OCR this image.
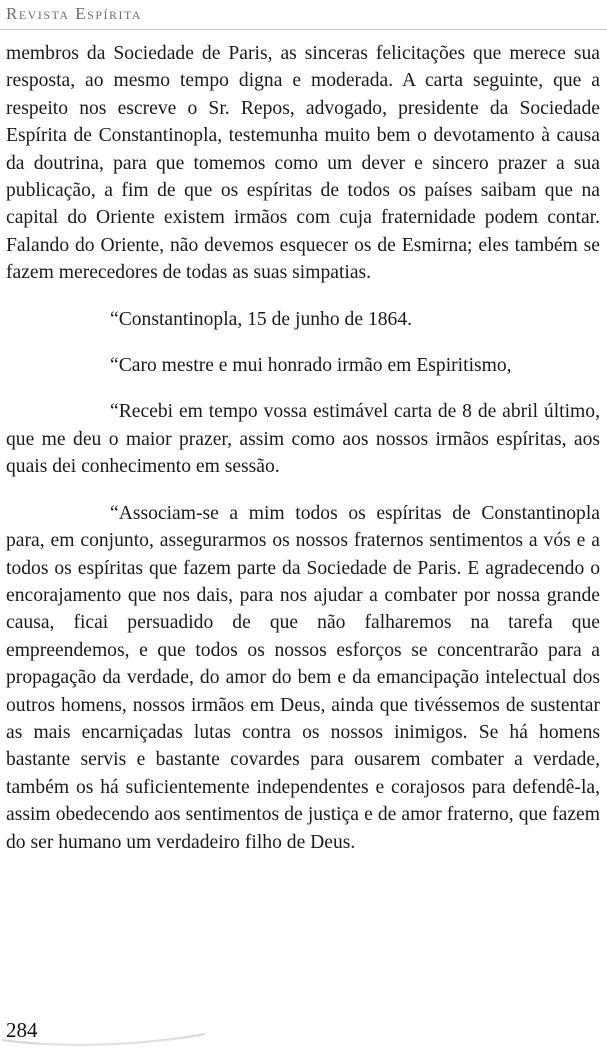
Revista Espírita

membros da Sociedade de Paris, as sinceras felicitações que merece sua resposta, ao mesmo tempo digna e moderada. A carta seguinte, que a respeito nos escreve o Sr. Repos, advogado, presidente da Sociedade Espírita de Constantinopla, testemunha muito bem o devotamento à causa da doutrina, para que tomemos como um dever e sincero prazer a sua publicação, a fim de que os espíritas de todos os países saibam que na capital do Oriente existem irmãos com cuja fraternidade podem contar. Falando do Oriente, não devemos esquecer os de Esmirna; eles também se fazem merecedores de todas as suas simpatias.

“Constantinopla, 15 de junho de 1864.

“Caro mestre e mui honrado irmão em Espiritismo,

“Recebi em tempo vossa estimável carta de 8 de abril último, que me deu o maior prazer, assim como aos nossos irmãos espíritas, aos quais dei conhecimento em sessão.

“Associam-se a mim todos os espíritas de Constantinopla para, em conjunto, assegurarmos os nossos fraternos sentimentos a vós e a todos os espíritas que fazem parte da Sociedade de Paris. E agradecendo o encorajamento que nos dais, para nos ajudar a combater por nossa grande causa, ficai persuadido de que não falharemos na tarefa que empreendemos, e que todos os nossos esforços se concentrarão para a propagação da verdade, do amor do bem e da emancipação intelectual dos outros homens, nossos irmãos em Deus, ainda que tivéssemos de sustentar as mais encarniçadas lutas contra os nossos inimigos. Se há homens bastante servis e bastante covardes para ousarem combater a verdade, também os há suficientemente independentes e corajosos para defendê-la, assim obedecendo aos sentimentos de justiça e de amor fraterno, que fazem do ser humano um verdadeiro filho de Deus.

284
